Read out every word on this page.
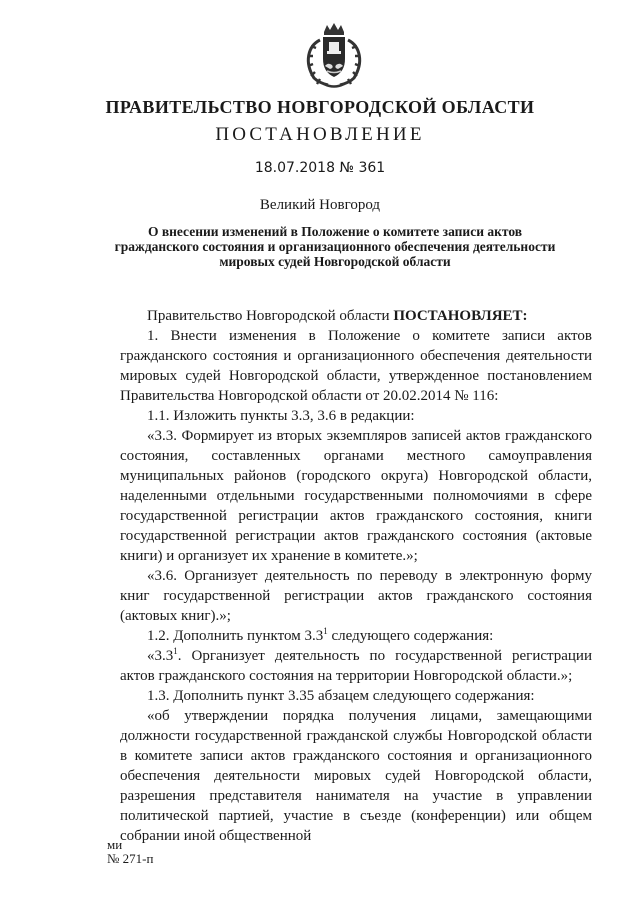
ПРАВИТЕЛЬСТВО НОВГОРОДСКОЙ ОБЛАСТИ
ПОСТАНОВЛЕНИЕ
18.07.2018 № 361
Великий Новгород
О внесении изменений в Положение о комитете записи актов
гражданского состояния и организационного обеспечения деятельности
мировых судей Новгородской области

Правительство Новгородской области ПОСТАНОВЛЯЕТ:

1. Внести изменения в Положение о комитете записи актов гражданского состояния и организационного обеспечения деятельности мировых судей Новгородской области, утвержденное постановлением Правительства Новгородской области от 20.02.2014 № 116:

1.1. Изложить пункты 3.3, 3.6 в редакции:

«3.3. Формирует из вторых экземпляров записей актов гражданского состояния, составленных органами местного самоуправления муниципальных районов (городского округа) Новгородской области, наделенными отдельными государственными полномочиями в сфере государственной регистрации актов гражданского состояния, книги государственной регистрации актов гражданского состояния (актовые книги) и организует их хранение в комитете.»;

«3.6. Организует деятельность по переводу в электронную форму книг государственной регистрации актов гражданского состояния (актовых книг).»;

1.2. Дополнить пунктом $3.3^1$ следующего содержания:

«$3.3^1$. Организует деятельность по государственной регистрации актов гражданского состояния на территории Новгородской области.»;

1.3. Дополнить пункт 3.35 абзацем следующего содержания:

«об утверждении порядка получения лицами, замещающими должности государственной гражданской службы Новгородской области в комитете записи актов гражданского состояния и организационного обеспечения деятельности мировых судей Новгородской области, разрешения представителя нанимателя на участие в управлении политической партией, участие в съезде (конференции) или общем собрании иной общественной

ми
№ 271-п
